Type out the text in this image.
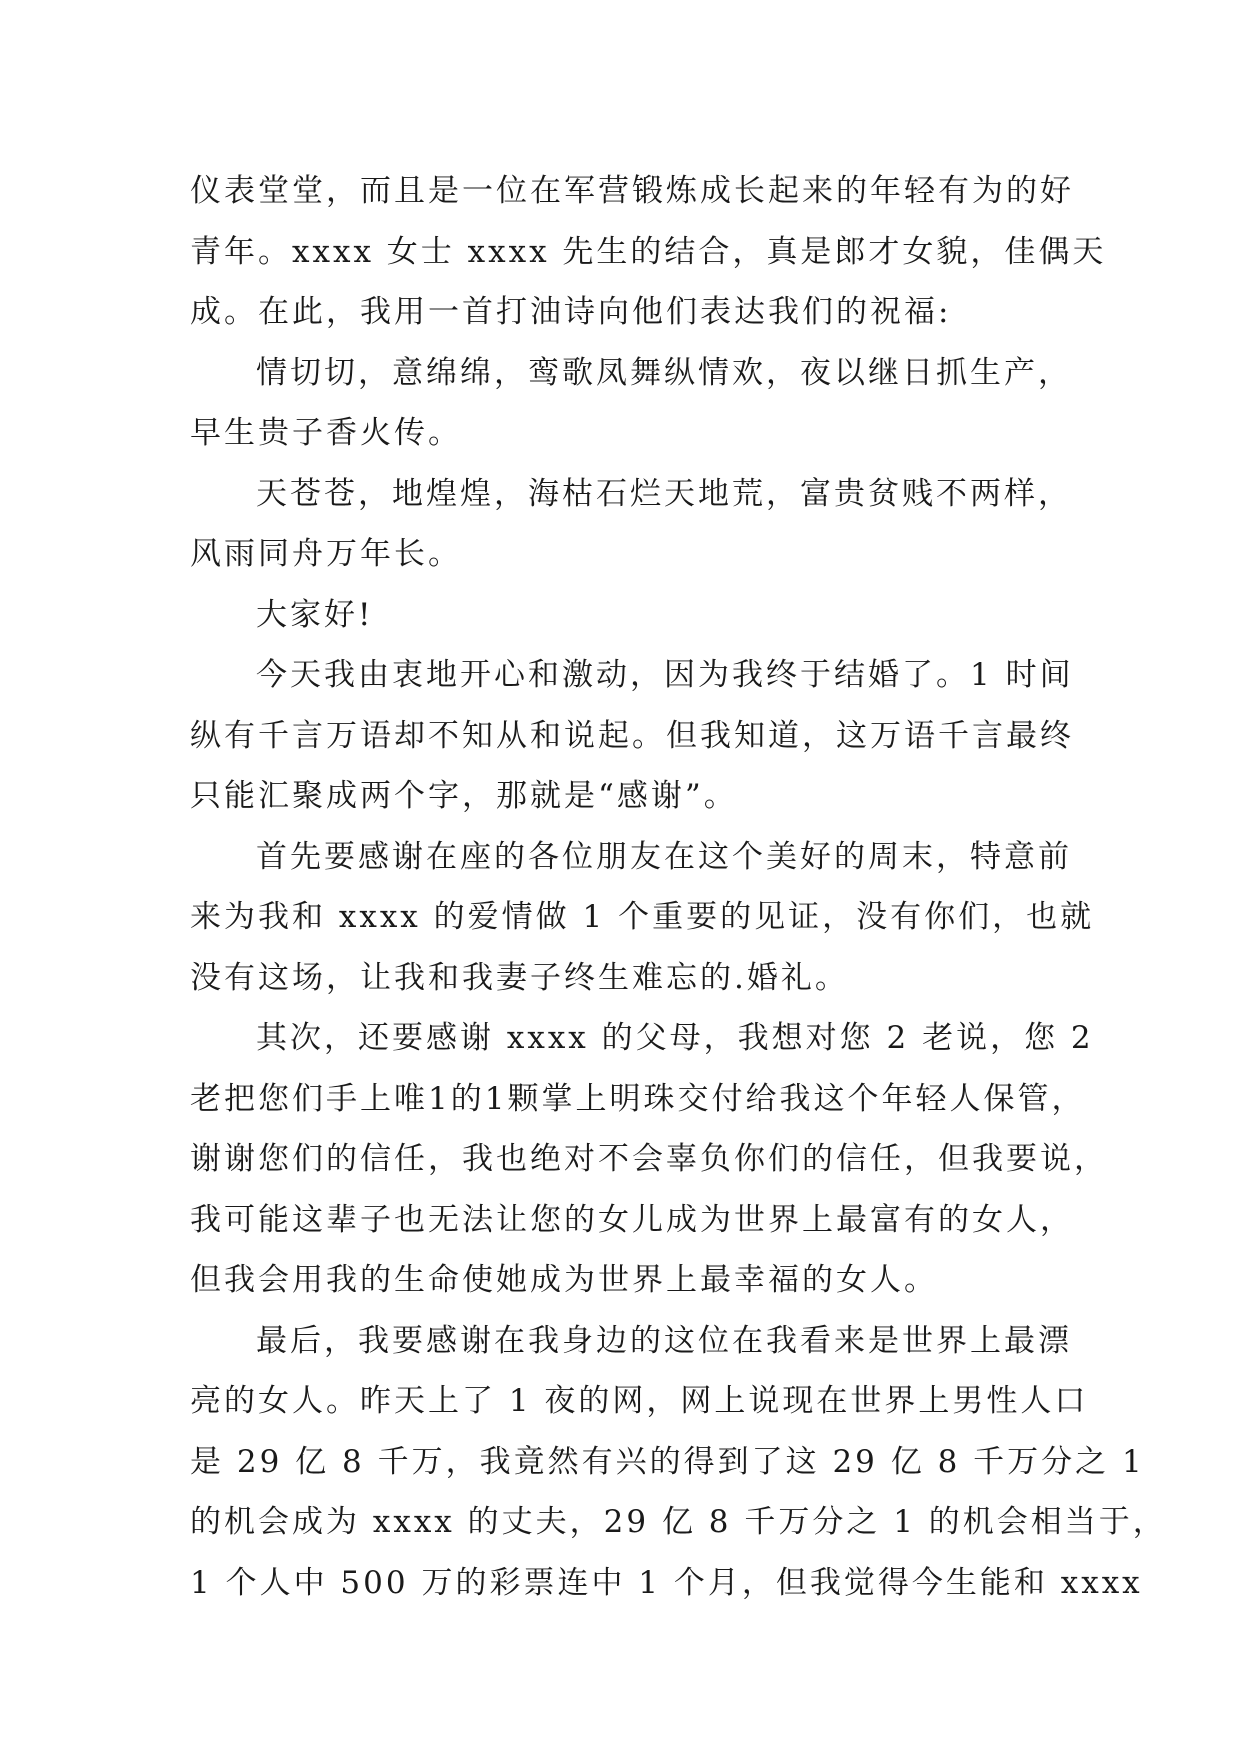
仪表堂堂，而且是一位在军营锻炼成长起来的年轻有为的好
青年。xxxx 女士 xxxx 先生的结合，真是郎才女貌，佳偶天
成。在此，我用一首打油诗向他们表达我们的祝福:
情切切，意绵绵，鸾歌凤舞纵情欢，夜以继日抓生产，
早生贵子香火传。
天苍苍，地煌煌，海枯石烂天地荒，富贵贫贱不两样，
风雨同舟万年长。
大家好!
今天我由衷地开心和激动，因为我终于结婚了。1 时间
纵有千言万语却不知从和说起。但我知道，这万语千言最终
只能汇聚成两个字，那就是“感谢”。
首先要感谢在座的各位朋友在这个美好的周末，特意前
来为我和 xxxx 的爱情做 1 个重要的见证，没有你们，也就
没有这场，让我和我妻子终生难忘的.婚礼。
其次，还要感谢 xxxx 的父母，我想对您 2 老说，您 2
老把您们手上唯1的1颗掌上明珠交付给我这个年轻人保管，
谢谢您们的信任，我也绝对不会辜负你们的信任，但我要说，
我可能这辈子也无法让您的女儿成为世界上最富有的女人，
但我会用我的生命使她成为世界上最幸福的女人。
最后，我要感谢在我身边的这位在我看来是世界上最漂
亮的女人。昨天上了 1 夜的网，网上说现在世界上男性人口
是 29 亿 8 千万，我竟然有兴的得到了这 29 亿 8 千万分之 1
的机会成为 xxxx 的丈夫，29 亿 8 千万分之 1 的机会相当于，
1 个人中 500 万的彩票连中 1 个月，但我觉得今生能和 xxxx
